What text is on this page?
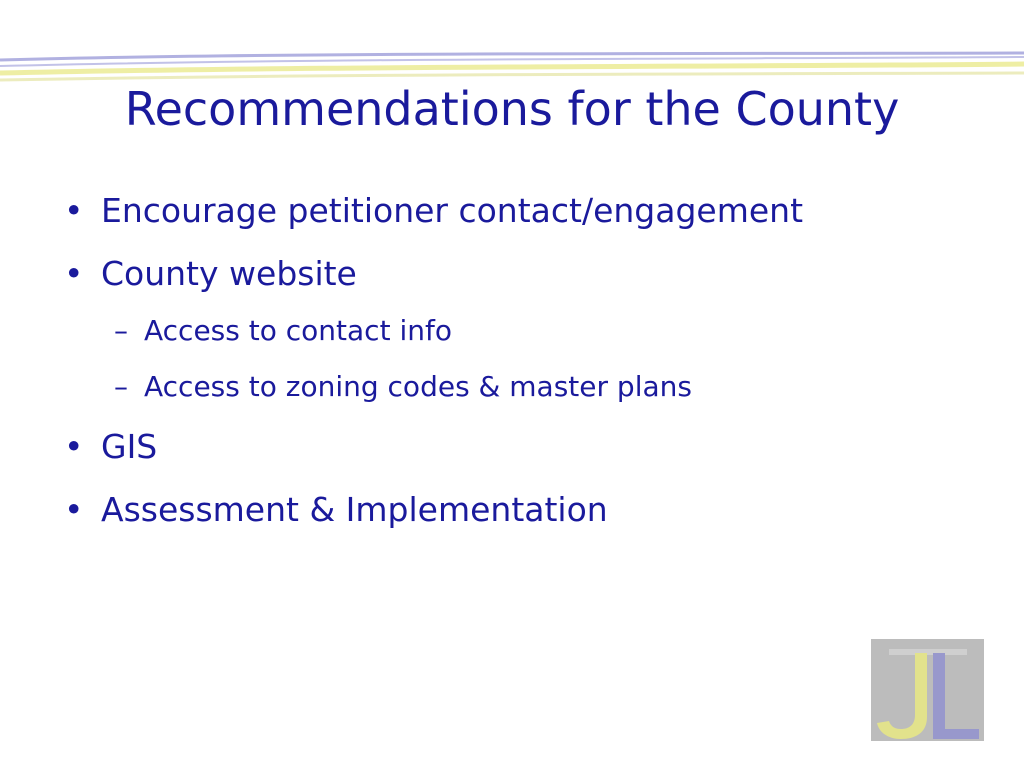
Recommendations for the County
• Encourage petitioner contact/engagement
• County website
– Access to contact info
– Access to zoning codes & master plans
• GIS
• Assessment & Implementation
